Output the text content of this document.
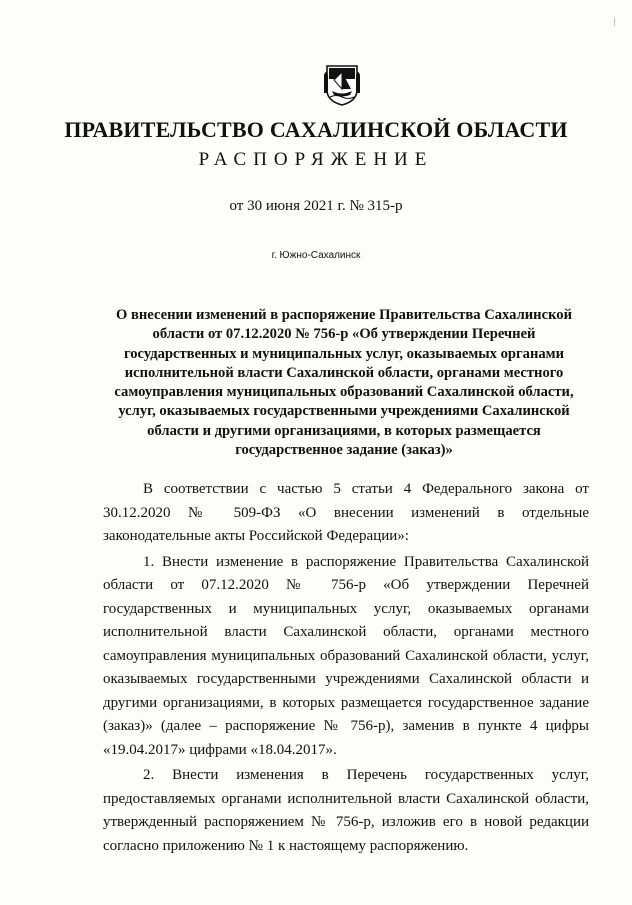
ПРАВИТЕЛЬСТВО САХАЛИНСКОЙ ОБЛАСТИ
РАСПОРЯЖЕНИЕ
от 30 июня 2021 г. № 315-р
г. Южно-Сахалинск
О внесении изменений в распоряжение Правительства Сахалинской области от 07.12.2020 № 756-р «Об утверждении Перечней государственных и муниципальных услуг, оказываемых органами исполнительной власти Сахалинской области, органами местного самоуправления муниципальных образований Сахалинской области, услуг, оказываемых государственными учреждениями Сахалинской области и другими организациями, в которых размещается государственное задание (заказ)»

В соответствии с частью 5 статьи 4 Федерального закона от 30.12.2020 № 509-ФЗ «О внесении изменений в отдельные законодательные акты Российской Федерации»:

1. Внести изменение в распоряжение Правительства Сахалинской области от 07.12.2020 № 756-р «Об утверждении Перечней государственных и муниципальных услуг, оказываемых органами исполнительной власти Сахалинской области, органами местного самоуправления муниципальных образований Сахалинской области, услуг, оказываемых государственными учреждениями Сахалинской области и другими организациями, в которых размещается государственное задание (заказ)» (далее – распоряжение № 756-р), заменив в пункте 4 цифры «19.04.2017» цифрами «18.04.2017».

2. Внести изменения в Перечень государственных услуг, предоставляемых органами исполнительной власти Сахалинской области, утвержденный распоряжением № 756-р, изложив его в новой редакции согласно приложению № 1 к настоящему распоряжению.
